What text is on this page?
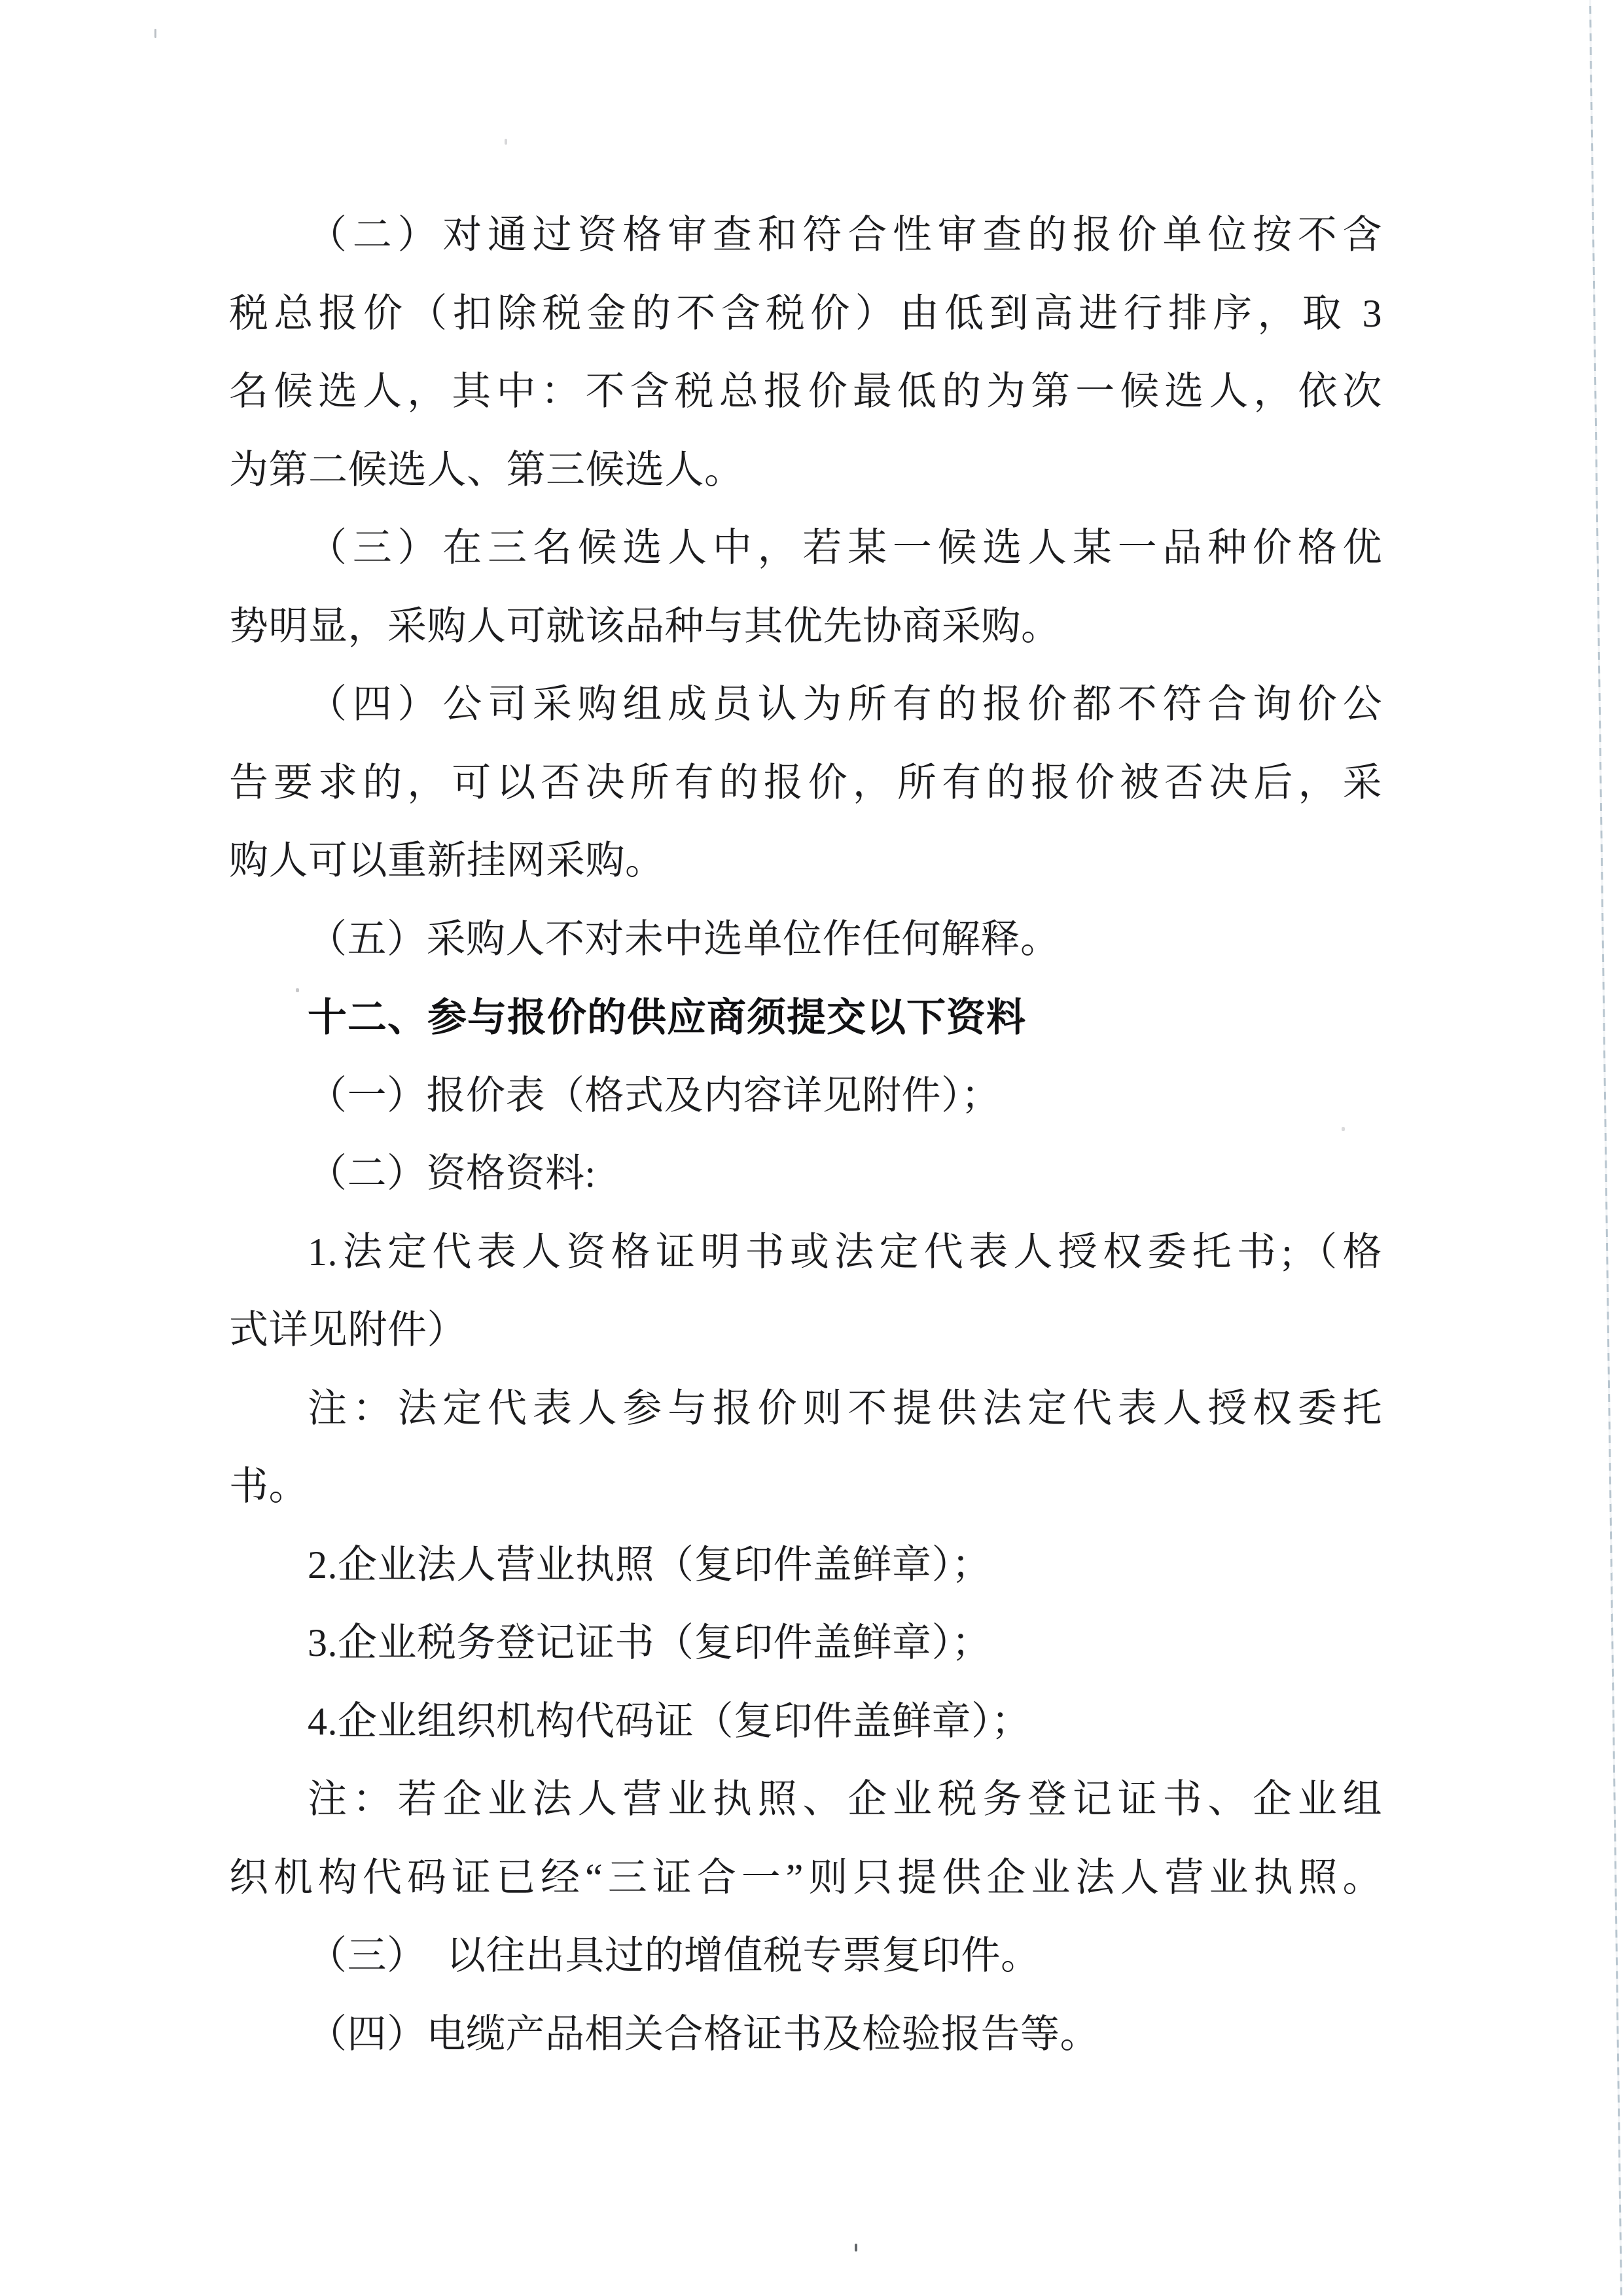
（二）对通过资格审查和符合性审查的报价单位按不含
税总报价（扣除税金的不含税价）由低到高进行排序，取 3
名候选人，其中：不含税总报价最低的为第一候选人，依次
为第二候选人、第三候选人。
（三）在三名候选人中，若某一候选人某一品种价格优
势明显，采购人可就该品种与其优先协商采购。
（四）公司采购组成员认为所有的报价都不符合询价公
告要求的，可以否决所有的报价，所有的报价被否决后，采
购人可以重新挂网采购。
（五）采购人不对未中选单位作任何解释。
十二、参与报价的供应商须提交以下资料
（一）报价表（格式及内容详见附件）；
（二）资格资料:
1.法定代表人资格证明书或法定代表人授权委托书;（格
式详见附件）
注：法定代表人参与报价则不提供法定代表人授权委托
书。
2.企业法人营业执照（复印件盖鲜章）；
3.企业税务登记证书（复印件盖鲜章）；
4.企业组织机构代码证（复印件盖鲜章）；
注：若企业法人营业执照、企业税务登记证书、企业组
织机构代码证已经“三证合一”则只提供企业法人营业执照。
（三）　以往出具过的增值税专票复印件。
（四）电缆产品相关合格证书及检验报告等。
